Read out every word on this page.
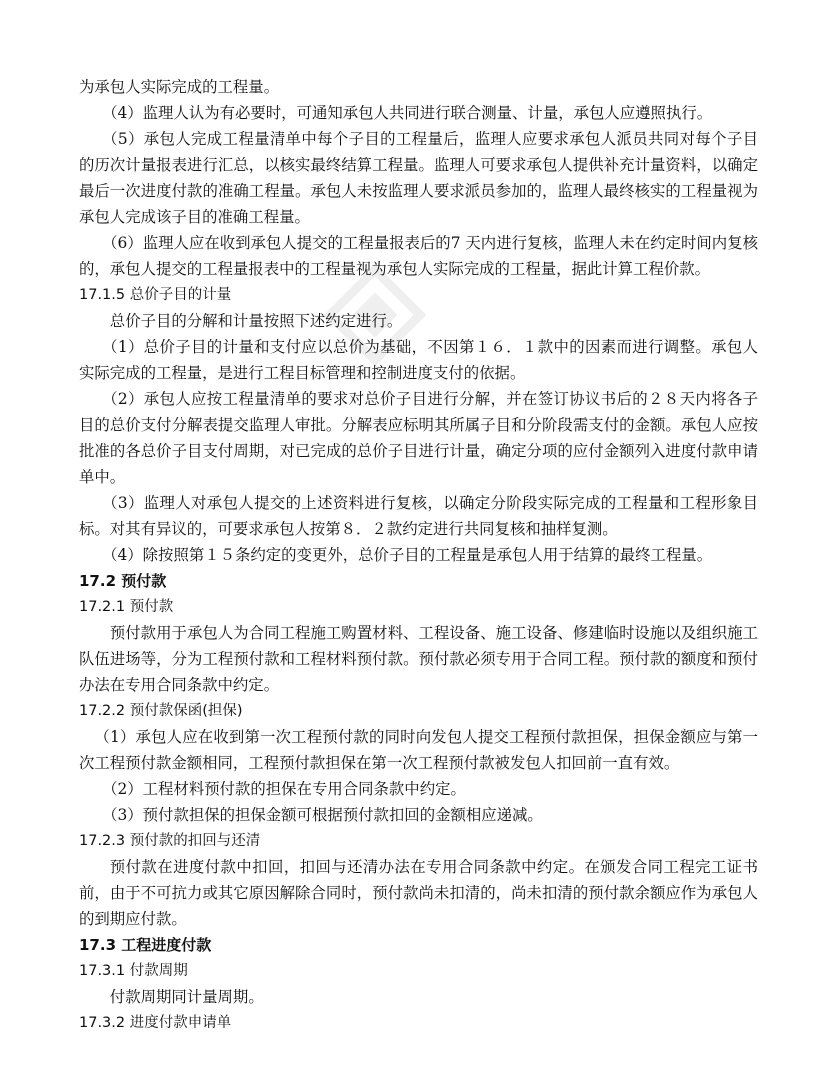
为承包人实际完成的工程量。

（4）监理人认为有必要时，可通知承包人共同进行联合测量、计量，承包人应遵照执行。

（5）承包人完成工程量清单中每个子目的工程量后，监理人应要求承包人派员共同对每个子目的历次计量报表进行汇总，以核实最终结算工程量。监理人可要求承包人提供补充计量资料，以确定最后一次进度付款的准确工程量。承包人未按监理人要求派员参加的，监理人最终核实的工程量视为承包人完成该子目的准确工程量。

（6）监理人应在收到承包人提交的工程量报表后的7 天内进行复核，监理人未在约定时间内复核的，承包人提交的工程量报表中的工程量视为承包人实际完成的工程量，据此计算工程价款。

17.1.5 总价子目的计量

总价子目的分解和计量按照下述约定进行。

（1）总价子目的计量和支付应以总价为基础，不因第１６．１款中的因素而进行调整。承包人实际完成的工程量，是进行工程目标管理和控制进度支付的依据。

（2）承包人应按工程量清单的要求对总价子目进行分解，并在签订协议书后的２８天内将各子目的总价支付分解表提交监理人审批。分解表应标明其所属子目和分阶段需支付的金额。承包人应按批准的各总价子目支付周期，对已完成的总价子目进行计量，确定分项的应付金额列入进度付款申请单中。

（3）监理人对承包人提交的上述资料进行复核，以确定分阶段实际完成的工程量和工程形象目标。对其有异议的，可要求承包人按第８．２款约定进行共同复核和抽样复测。

（4）除按照第１５条约定的变更外，总价子目的工程量是承包人用于结算的最终工程量。

17.2 预付款

17.2.1 预付款

预付款用于承包人为合同工程施工购置材料、工程设备、施工设备、修建临时设施以及组织施工队伍进场等，分为工程预付款和工程材料预付款。预付款必须专用于合同工程。预付款的额度和预付办法在专用合同条款中约定。

17.2.2 预付款保函(担保)

（1）承包人应在收到第一次工程预付款的同时向发包人提交工程预付款担保，担保金额应与第一次工程预付款金额相同，工程预付款担保在第一次工程预付款被发包人扣回前一直有效。

（2）工程材料预付款的担保在专用合同条款中约定。

（3）预付款担保的担保金额可根据预付款扣回的金额相应递减。

17.2.3 预付款的扣回与还清

预付款在进度付款中扣回，扣回与还清办法在专用合同条款中约定。在颁发合同工程完工证书前，由于不可抗力或其它原因解除合同时，预付款尚未扣清的，尚未扣清的预付款余额应作为承包人的到期应付款。

17.3 工程进度付款

17.3.1 付款周期

付款周期同计量周期。

17.3.2 进度付款申请单
